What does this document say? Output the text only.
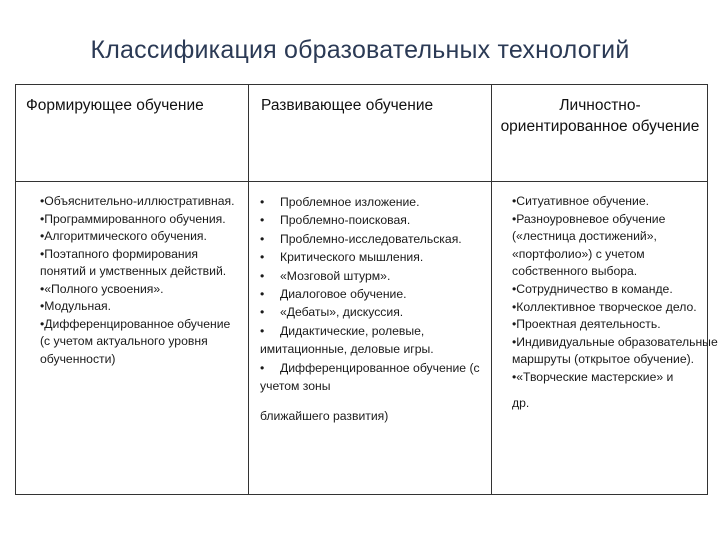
Классификация образовательных технологий
Формирующее обучение	Развивающее обучение	Личностно-ориентированное обучение
•Объяснительно-иллюстративная.
•Программированного обучения.
•Алгоритмического обучения.
•Поэтапного формирования понятий и умственных действий.
•«Полного усвоения».
•Модульная.
•Дифференцированное обучение (с учетом актуального уровня обученности)
• Проблемное изложение.
• Проблемно-поисковая.
• Проблемно-исследовательская.
• Критического мышления.
• «Мозговой штурм».
• Диалоговое обучение.
• «Дебаты», дискуссия.
• Дидактические, ролевые, имитационные, деловые игры.
• Дифференцированное обучение (с учетом зоны
ближайшего развития)
•Ситуативное обучение.
•Разноуровневое обучение («лестница достижений», «портфолио») с учетом собственного выбора.
•Сотрудничество в команде.
•Коллективное творческое дело.
•Проектная деятельность.
•Индивидуальные образовательные маршруты (открытое обучение).
•«Творческие мастерские» и
др.
